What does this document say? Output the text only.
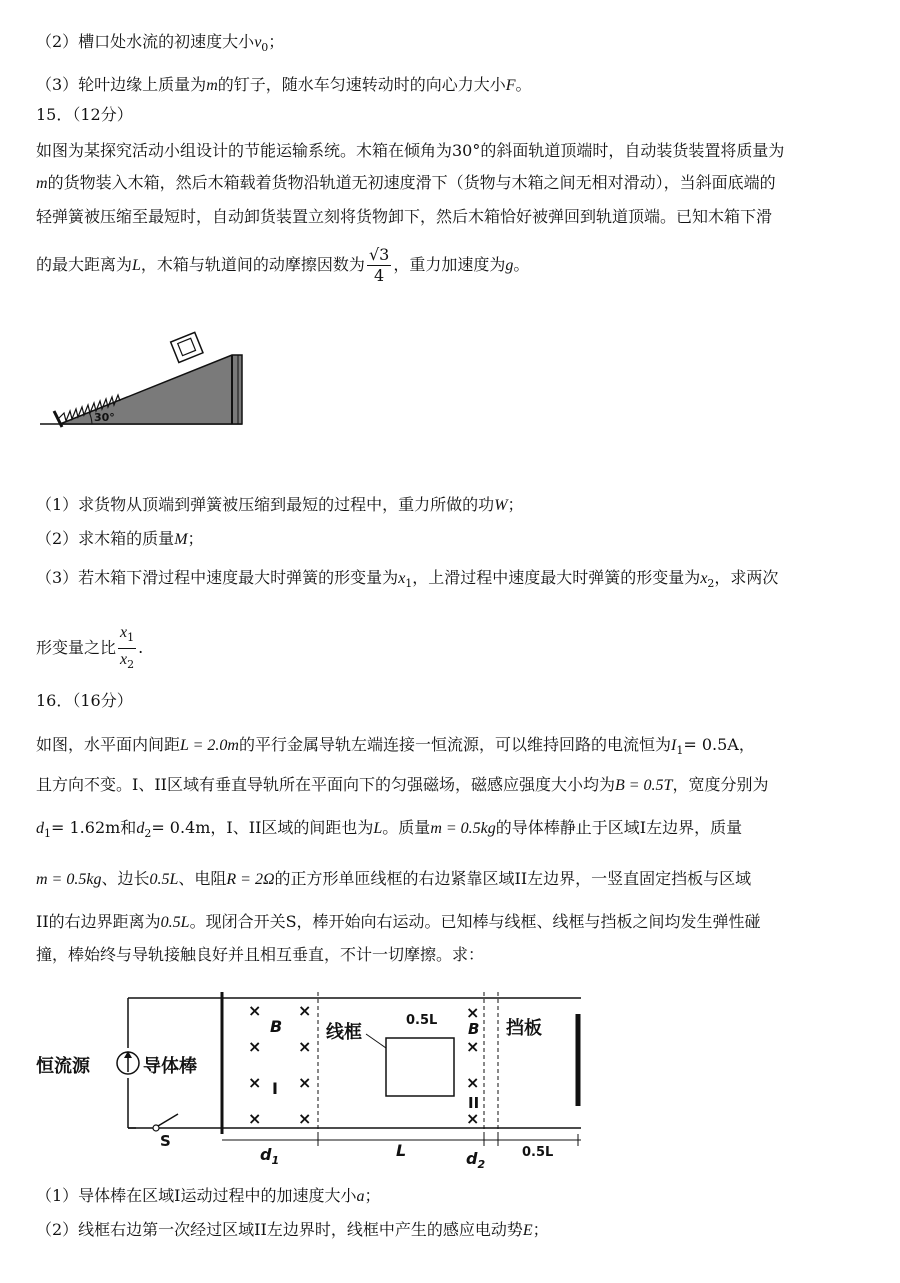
（2）槽口处水流的初速度大小$v_0$；
（3）轮叶边缘上质量为m的钉子，随水车匀速转动时的向心力大小F。
15．（12分）
如图为某探究活动小组设计的节能运输系统。木箱在倾角为30°的斜面轨道顶端时，自动装货装置将质量为
m的货物装入木箱，然后木箱载着货物沿轨道无初速度滑下（货物与木箱之间无相对滑动），当斜面底端的
轻弹簧被压缩至最短时，自动卸货装置立刻将货物卸下，然后木箱恰好被弹回到轨道顶端。已知木箱下滑
的最大距离为L，木箱与轨道间的动摩擦因数为 $\frac{√3}{4}$ ，重力加速度为g。
30°
（1）求货物从顶端到弹簧被压缩到最短的过程中，重力所做的功W；
（2）求木箱的质量M；
（3）若木箱下滑过程中速度最大时弹簧的形变量为$x_1$，上滑过程中速度最大时弹簧的形变量为$x_2$，求两次
形变量之比 $\frac{x_1}{x_2}$ .
16．（16分）
如图，水平面内间距L = 2.0m的平行金属导轨左端连接一恒流源，可以维持回路的电流恒为$I_1= 0.5A$，
且方向不变。I、II区域有垂直导轨所在平面向下的匀强磁场，磁感应强度大小均为B = 0.5T，宽度分别为
$d_1= 1.62m$和$d_2= 0.4m$，I、II区域的间距也为L。质量m = 0.5kg的导体棒静止于区域I左边界，质量
m = 0.5kg、边长0.5L、电阻R = 2Ω的正方形单匝线框的右边紧靠区域II左边界，一竖直固定挡板与区域
II的右边界距离为0.5L。现闭合开关S，棒开始向右运动。已知棒与线框、线框与挡板之间均发生弹性碰
撞，棒始终与导轨接触良好并且相互垂直，不计一切摩擦。求：
恒流源
S
导体棒
× ×
B
× ×
× I ×
× ×
线框
0.5L ×
B
×
×
II
×
挡板
$d_1$
L	$d_2$
0.5L
（1）导体棒在区域I运动过程中的加速度大小a；
（2）线框右边第一次经过区域II左边界时，线框中产生的感应电动势E；
